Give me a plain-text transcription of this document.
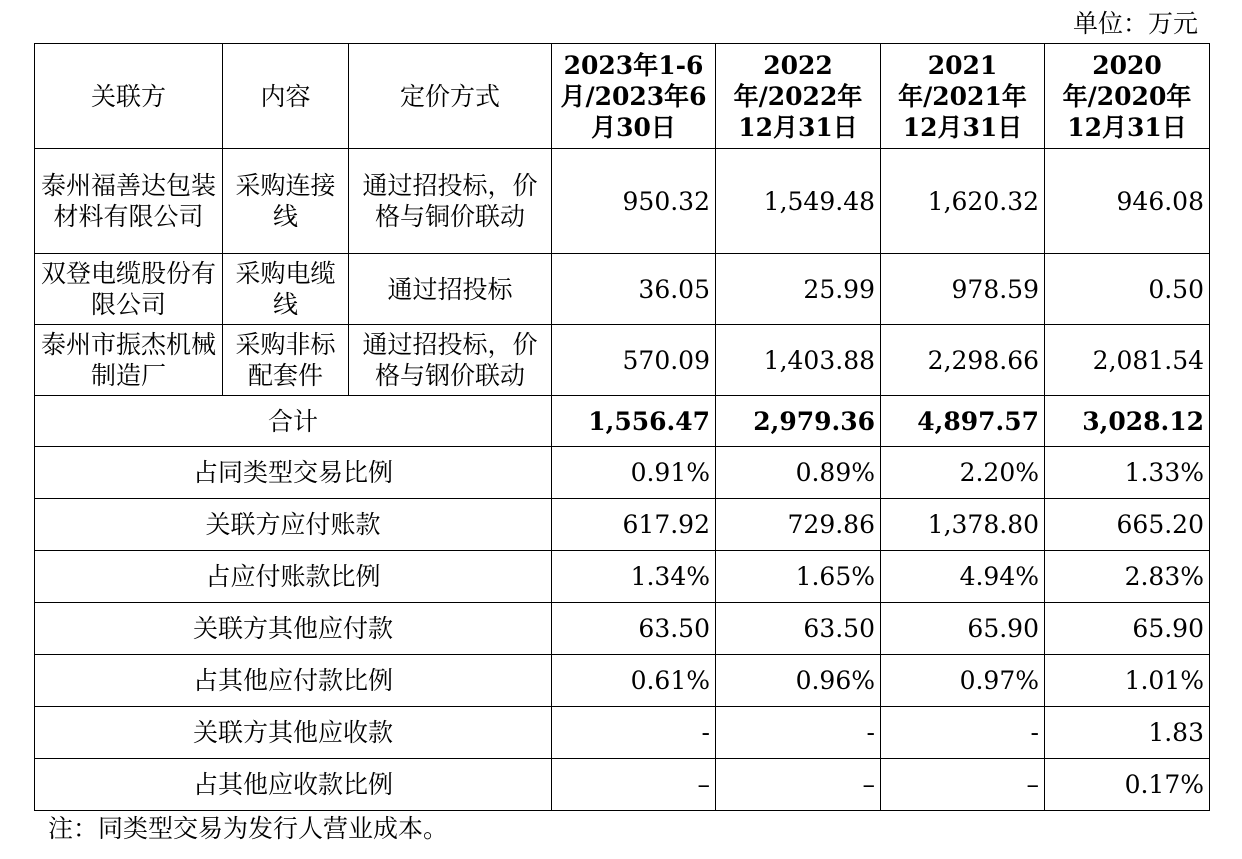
单位：万元
关联方	内容	定价方式	2023年1-6月/2023年6月30日	2022年/2022年12月31日	2021年/2021年12月31日	2020年/2020年12月31日
泰州福善达包装材料有限公司	采购连接线	通过招投标，价格与铜价联动	950.32	1,549.48	1,620.32	946.08
双登电缆股份有限公司	采购电缆线	通过招投标	36.05	25.99	978.59	0.50
泰州市振杰机械制造厂	采购非标配套件	通过招投标，价格与钢价联动	570.09	1,403.88	2,298.66	2,081.54
合计			1,556.47	2,979.36	4,897.57	3,028.12
占同类型交易比例			0.91%	0.89%	2.20%	1.33%
关联方应付账款			617.92	729.86	1,378.80	665.20
占应付账款比例			1.34%	1.65%	4.94%	2.83%
关联方其他应付款			63.50	63.50	65.90	65.90
占其他应付款比例			0.61%	0.96%	0.97%	1.01%
关联方其他应收款			-	-	-	1.83
占其他应收款比例			–	–	–	0.17%
注：同类型交易为发行人营业成本。
